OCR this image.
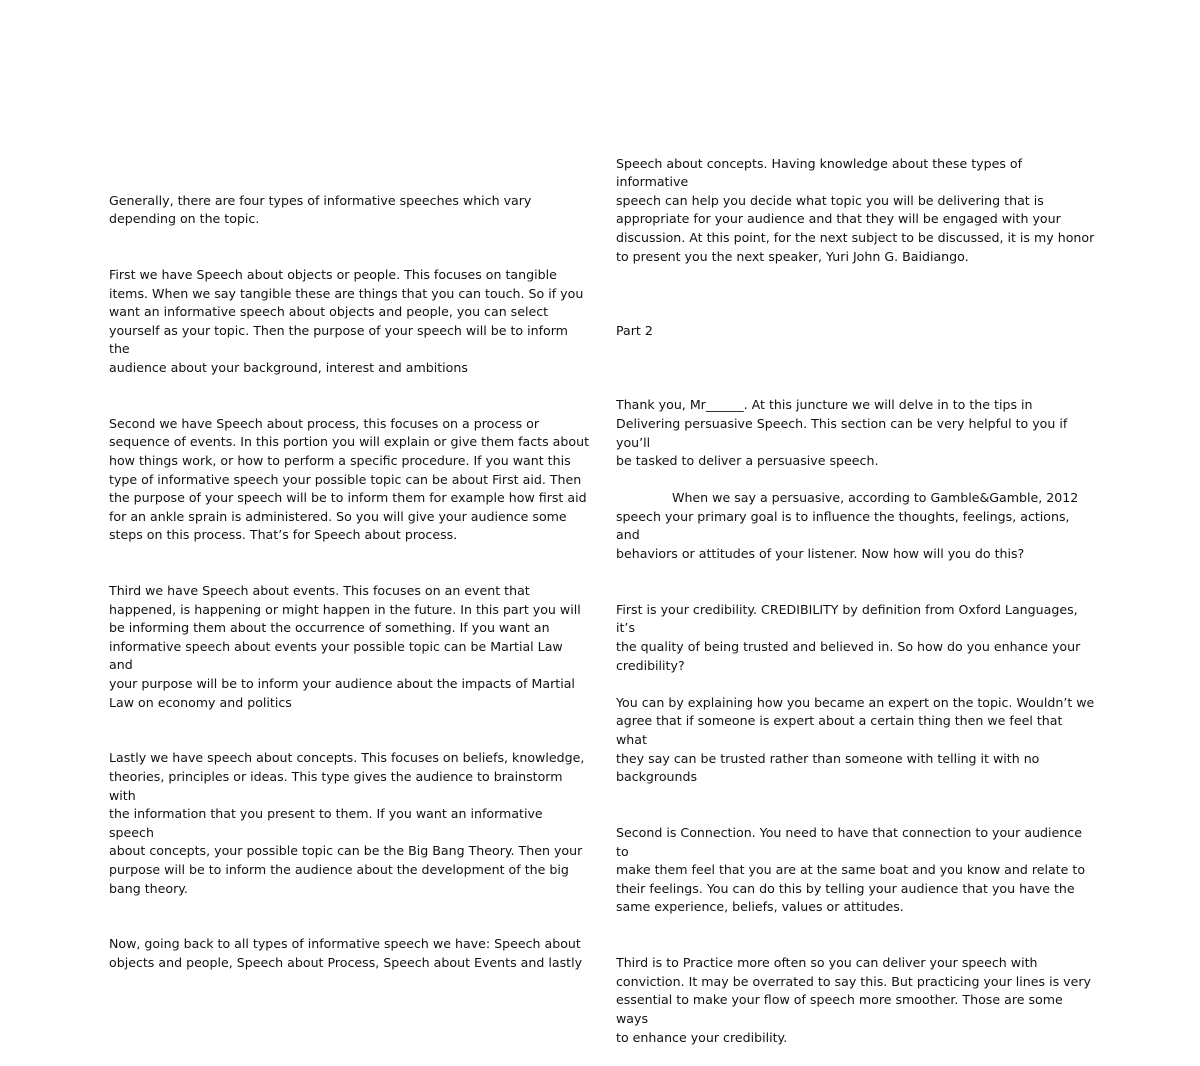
Generally, there are four types of informative speeches which vary
depending on the topic.

First we have Speech about objects or people. This focuses on tangible
items. When we say tangible these are things that you can touch. So if you
want an informative speech about objects and people, you can select
yourself as your topic. Then the purpose of your speech will be to inform the
audience about your background, interest and ambitions

Second we have Speech about process, this focuses on a process or
sequence of events. In this portion you will explain or give them facts about
how things work, or how to perform a specific procedure. If you want this
type of informative speech your possible topic can be about First aid. Then
the purpose of your speech will be to inform them for example how first aid
for an ankle sprain is administered. So you will give your audience some
steps on this process. That’s for Speech about process.

Third we have Speech about events. This focuses on an event that
happened, is happening or might happen in the future. In this part you will
be informing them about the occurrence of something. If you want an
informative speech about events your possible topic can be Martial Law and
your purpose will be to inform your audience about the impacts of Martial
Law on economy and politics

Lastly we have speech about concepts. This focuses on beliefs, knowledge,
theories, principles or ideas. This type gives the audience to brainstorm with
the information that you present to them. If you want an informative speech
about concepts, your possible topic can be the Big Bang Theory. Then your
purpose will be to inform the audience about the development of the big
bang theory.

Now, going back to all types of informative speech we have: Speech about
objects and people, Speech about Process, Speech about Events and lastly

Speech about concepts. Having knowledge about these types of informative
speech can help you decide what topic you will be delivering that is
appropriate for your audience and that they will be engaged with your
discussion. At this point, for the next subject to be discussed, it is my honor
to present you the next speaker, Yuri John G. Baidiango.

Part 2

Thank you, Mr______. At this juncture we will delve in to the tips in
Delivering persuasive Speech. This section can be very helpful to you if you’ll
be tasked to deliver a persuasive speech.

When we say a persuasive, according to Gamble&Gamble, 2012
speech your primary goal is to influence the thoughts, feelings, actions, and
behaviors or attitudes of your listener. Now how will you do this?

First is your credibility. CREDIBILITY by definition from Oxford Languages, it’s
the quality of being trusted and believed in. So how do you enhance your
credibility?

You can by explaining how you became an expert on the topic. Wouldn’t we
agree that if someone is expert about a certain thing then we feel that what
they say can be trusted rather than someone with telling it with no
backgrounds

Second is Connection. You need to have that connection to your audience to
make them feel that you are at the same boat and you know and relate to
their feelings. You can do this by telling your audience that you have the
same experience, beliefs, values or attitudes.

Third is to Practice more often so you can deliver your speech with
conviction. It may be overrated to say this. But practicing your lines is very
essential to make your flow of speech more smoother. Those are some ways
to enhance your credibility.
